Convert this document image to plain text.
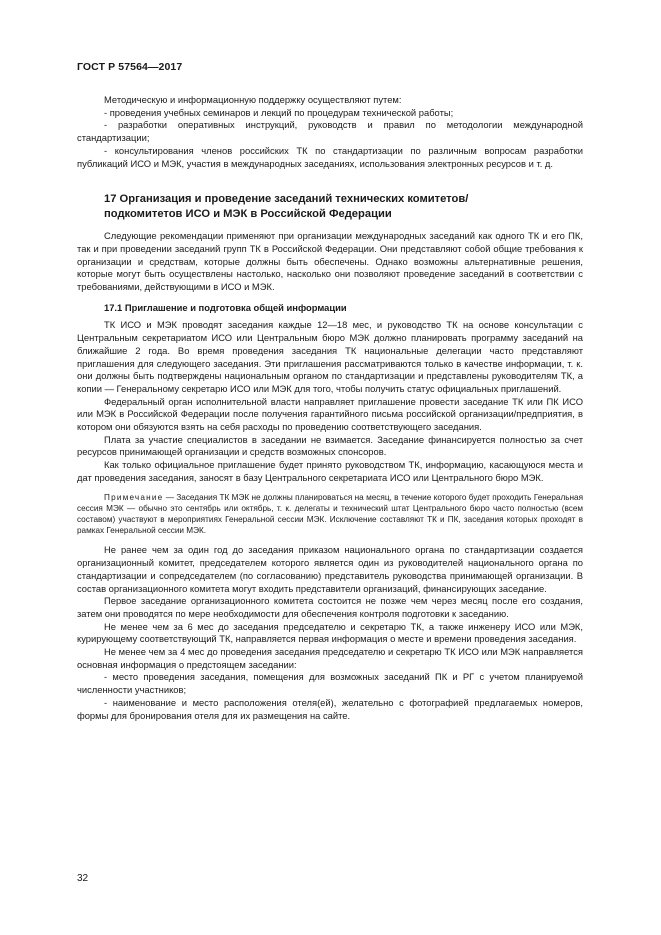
ГОСТ Р 57564—2017

Методическую и информационную поддержку осуществляют путем:

- проведения учебных семинаров и лекций по процедурам технической работы;

- разработки оперативных инструкций, руководств и правил по методологии международной стандартизации;

- консультирования членов российских ТК по стандартизации по различным вопросам разработки публикаций ИСО и МЭК, участия в международных заседаниях, использования электронных ресурсов и т. д.

17 Организация и проведение заседаний технических комитетов/
подкомитетов ИСО и МЭК в Российской Федерации

Следующие рекомендации применяют при организации международных заседаний как одного ТК и его ПК, так и при проведении заседаний групп ТК в Российской Федерации. Они представляют собой общие требования к организации и средствам, которые должны быть обеспечены. Однако возможны альтернативные решения, которые могут быть осуществлены настолько, насколько они позволяют проведение заседаний в соответствии с требованиями, действующими в ИСО и МЭК.

17.1 Приглашение и подготовка общей информации

ТК ИСО и МЭК проводят заседания каждые 12—18 мес, и руководство ТК на основе консультации с Центральным секретариатом ИСО или Центральным бюро МЭК должно планировать программу заседаний на ближайшие 2 года. Во время проведения заседания ТК национальные делегации часто представляют приглашения для следующего заседания. Эти приглашения рассматриваются только в качестве информации, т. к. они должны быть подтверждены национальным органом по стандартизации и представлены руководителям ТК, а копии — Генеральному секретарю ИСО или МЭК для того, чтобы получить статус официальных приглашений.

Федеральный орган исполнительной власти направляет приглашение провести заседание ТК или ПК ИСО или МЭК в Российской Федерации после получения гарантийного письма российской организации/предприятия, в котором они обязуются взять на себя расходы по проведению соответствующего заседания.

Плата за участие специалистов в заседании не взимается. Заседание финансируется полностью за счет ресурсов принимающей организации и средств возможных спонсоров.

Как только официальное приглашение будет принято руководством ТК, информацию, касающуюся места и дат проведения заседания, заносят в базу Центрального секретариата ИСО или Центрального бюро МЭК.

Примечание — Заседания ТК МЭК не должны планироваться на месяц, в течение которого будет проходить Генеральная сессия МЭК — обычно это сентябрь или октябрь, т. к. делегаты и технический штат Центрального бюро часто полностью (всем составом) участвуют в мероприятиях Генеральной сессии МЭК. Исключение составляют ТК и ПК, заседания которых проходят в рамках Генеральной сессии МЭК.

Не ранее чем за один год до заседания приказом национального органа по стандартизации создается организационный комитет, председателем которого является один из руководителей национального органа по стандартизации и сопредседателем (по согласованию) представитель руководства принимающей организации. В состав организационного комитета могут входить представители организаций, финансирующих заседание.

Первое заседание организационного комитета состоится не позже чем через месяц после его создания, затем они проводятся по мере необходимости для обеспечения контроля подготовки к заседанию.

Не менее чем за 6 мес до заседания председателю и секретарю ТК, а также инженеру ИСО или МЭК, курирующему соответствующий ТК, направляется первая информация о месте и времени проведения заседания.

Не менее чем за 4 мес до проведения заседания председателю и секретарю ТК ИСО или МЭК направляется основная информация о предстоящем заседании:

- место проведения заседания, помещения для возможных заседаний ПК и РГ с учетом планируемой численности участников;

- наименование и место расположения отеля(ей), желательно с фотографией предлагаемых номеров, формы для бронирования отеля для их размещения на сайте.

32
